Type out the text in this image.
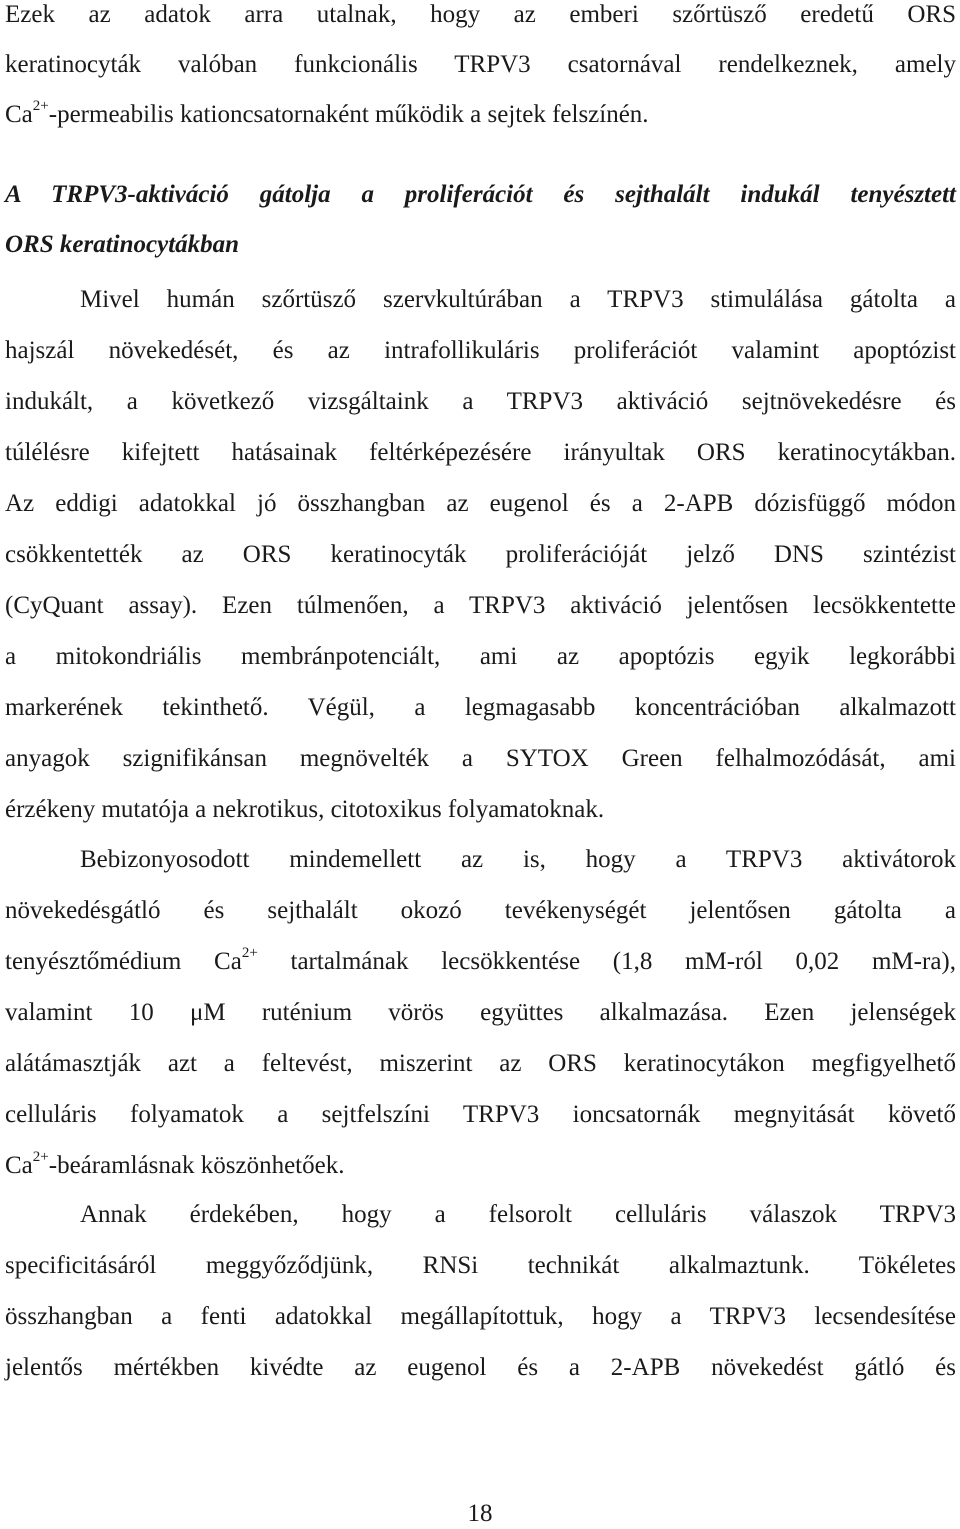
Ezek az adatok arra utalnak, hogy az emberi szőrtüsző eredetű ORS
keratinocyták valóban funkcionális TRPV3 csatornával rendelkeznek, amely
$Ca^{2+}$-permeabilis kationcsatornaként működik a sejtek felszínén.
A TRPV3-aktiváció gátolja a proliferációt és sejthalált indukál tenyésztett
ORS keratinocytákban
Mivel humán szőrtüsző szervkultúrában a TRPV3 stimulálása gátolta a
hajszál növekedését, és az intrafollikuláris proliferációt valamint apoptózist
indukált, a következő vizsgáltaink a TRPV3 aktiváció sejtnövekedésre és
túlélésre kifejtett hatásainak feltérképezésére irányultak ORS keratinocytákban.
Az eddigi adatokkal jó összhangban az eugenol és a 2-APB dózisfüggő módon
csökkentették az ORS keratinocyták proliferációját jelző DNS szintézist
(CyQuant assay). Ezen túlmenően, a TRPV3 aktiváció jelentősen lecsökkentette
a mitokondriális membránpotenciált, ami az apoptózis egyik legkorábbi
markerének tekinthető. Végül, a legmagasabb koncentrációban alkalmazott
anyagok szignifikánsan megnövelték a SYTOX Green felhalmozódását, ami
érzékeny mutatója a nekrotikus, citotoxikus folyamatoknak.
Bebizonyosodott mindemellett az is, hogy a TRPV3 aktivátorok
növekedésgátló és sejthalált okozó tevékenységét jelentősen gátolta a
tenyésztőmédium $Ca^{2+}$ tartalmának lecsökkentése (1,8 mM-ról 0,02 mM-ra),
valamint 10 μM ruténium vörös együttes alkalmazása. Ezen jelenségek
alátámasztják azt a feltevést, miszerint az ORS keratinocytákon megfigyelhető
celluláris folyamatok a sejtfelszíni TRPV3 ioncsatornák megnyitását követő
$Ca^{2+}$-beáramlásnak köszönhetőek.
Annak érdekében, hogy a felsorolt celluláris válaszok TRPV3
specificitásáról meggyőződjünk, RNSi technikát alkalmaztunk. Tökéletes
összhangban a fenti adatokkal megállapítottuk, hogy a TRPV3 lecsendesítése
jelentős mértékben kivédte az eugenol és a 2-APB növekedést gátló és
18
